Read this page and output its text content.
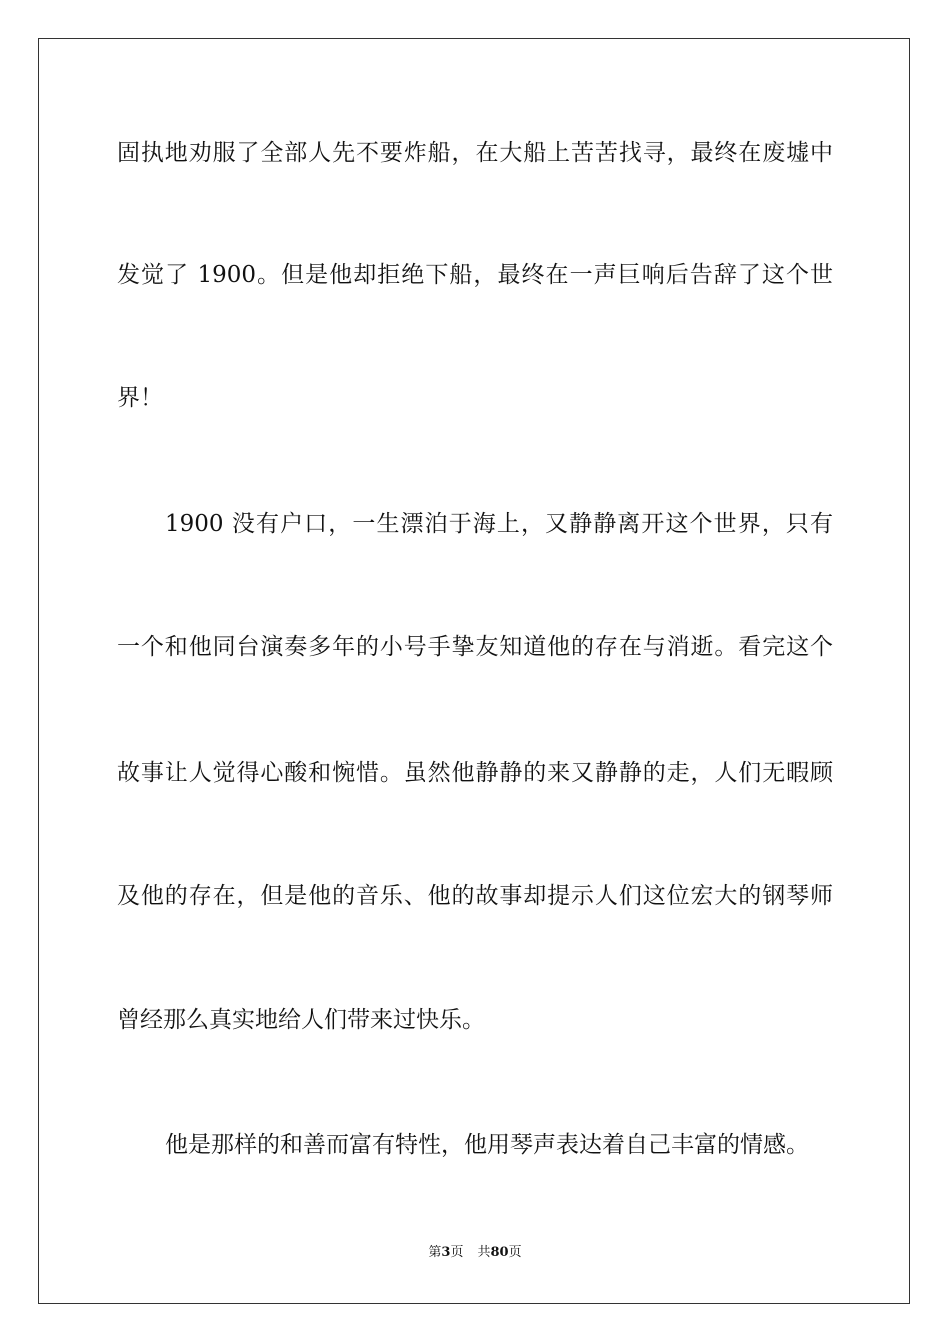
固执地劝服了全部人先不要炸船，在大船上苦苦找寻，最终在废墟中
发觉了 1900。但是他却拒绝下船，最终在一声巨响后告辞了这个世
界！
1900 没有户口，一生漂泊于海上，又静静离开这个世界，只有
一个和他同台演奏多年的小号手挚友知道他的存在与消逝。看完这个
故事让人觉得心酸和惋惜。虽然他静静的来又静静的走，人们无暇顾
及他的存在，但是他的音乐、他的故事却提示人们这位宏大的钢琴师
曾经那么真实地给人们带来过快乐。
他是那样的和善而富有特性，他用琴声表达着自己丰富的情感。
第3页 共80页
